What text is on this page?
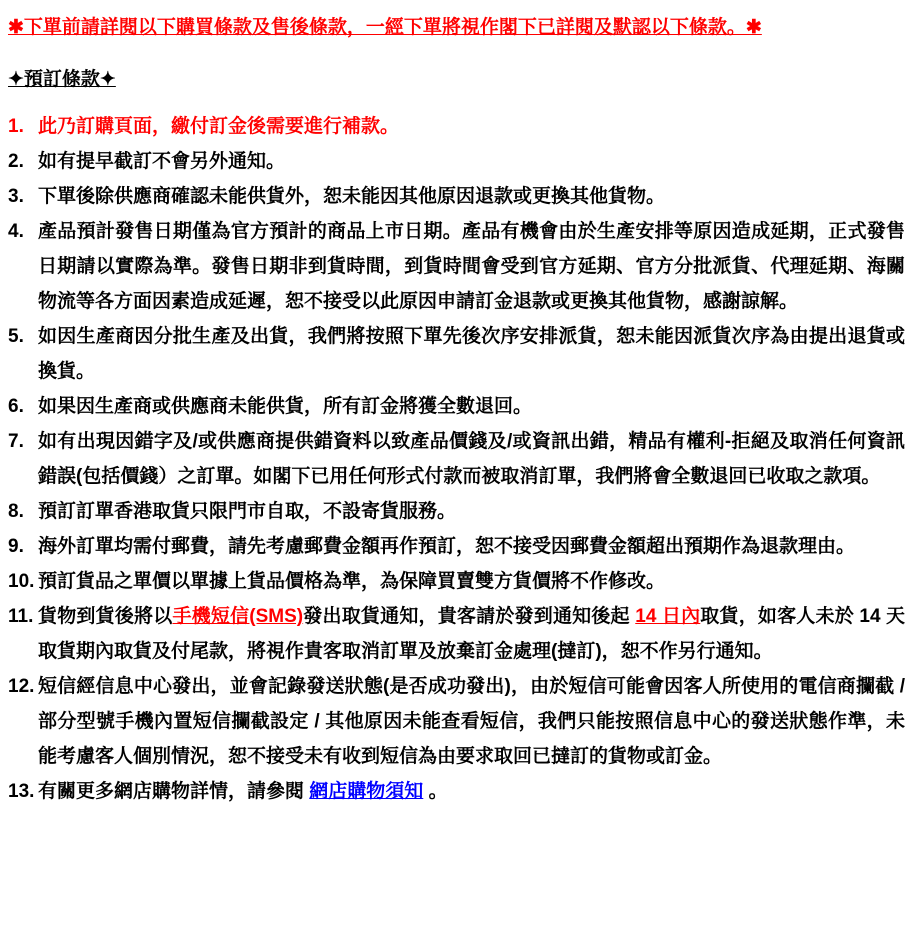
✱下單前請詳閱以下購買條款及售後條款，一經下單將視作閣下已詳閱及默認以下條款。✱
✦預訂條款✦
1. 此乃訂購頁面，繳付訂金後需要進行補款。
2. 如有提早截訂不會另外通知。
3. 下單後除供應商確認未能供貨外，恕未能因其他原因退款或更換其他貨物。
4. 產品預計發售日期僅為官方預計的商品上市日期。產品有機會由於生產安排等原因造成延期，正式發售日期請以實際為準。發售日期非到貨時間，到貨時間會受到官方延期、官方分批派貨、代理延期、海關物流等各方面因素造成延遲，恕不接受以此原因申請訂金退款或更換其他貨物，感謝諒解。
5. 如因生產商因分批生產及出貨，我們將按照下單先後次序安排派貨，恕未能因派貨次序為由提出退貨或換貨。
6. 如果因生產商或供應商未能供貨，所有訂金將獲全數退回。
7. 如有出現因錯字及/或供應商提供錯資料以致產品價錢及/或資訊出錯，精品有權利-拒絕及取消任何資訊錯誤(包括價錢）之訂單。如閣下已用任何形式付款而被取消訂單，我們將會全數退回已收取之款項。
8. 預訂訂單香港取貨只限門市自取，不設寄貨服務。
9. 海外訂單均需付郵費，請先考慮郵費金額再作預訂，恕不接受因郵費金額超出預期作為退款理由。
10. 預訂貨品之單價以單據上貨品價格為準，為保障買賣雙方貨價將不作修改。
11. 貨物到貨後將以手機短信(SMS)發出取貨通知，貴客請於發到通知後起 14 日內取貨，如客人未於 14 天取貨期內取貨及付尾款，將視作貴客取消訂單及放棄訂金處理(撻訂)，恕不作另行通知。
12. 短信經信息中心發出，並會記錄發送狀態(是否成功發出)，由於短信可能會因客人所使用的電信商攔截 / 部分型號手機內置短信攔截設定 / 其他原因未能查看短信，我們只能按照信息中心的發送狀態作準，未能考慮客人個別情況，恕不接受未有收到短信為由要求取回已撻訂的貨物或訂金。
13. 有關更多網店購物詳情，請參閱 網店購物須知 。
